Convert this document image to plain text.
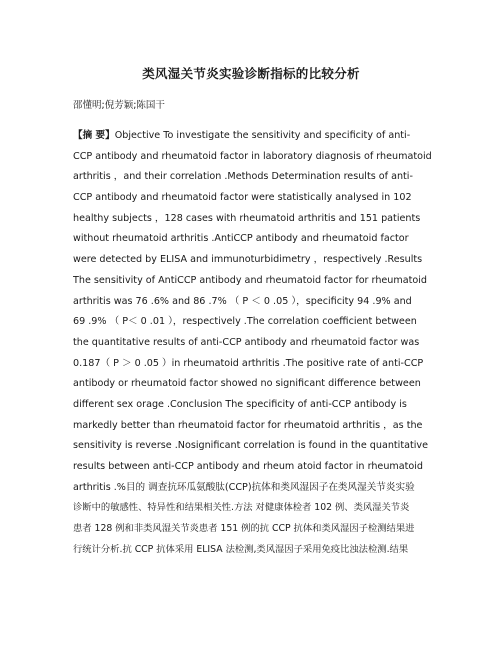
类风湿关节炎实验诊断指标的比较分析
邵懂明;倪芳颖;陈国干
【摘 要】Objective To investigate the sensitivity and specificity of anti-
CCP antibody and rheumatoid factor in laboratory diagnosis of rheumatoid
arthritis ，and their correlation .Methods Determination results of anti-
CCP antibody and rheumatoid factor were statistically analysed in 102
healthy subjects ，128 cases with rheumatoid arthritis and 151 patients
without rheumatoid arthritis .AntiCCP antibody and rheumatoid factor
were detected by ELISA and immunoturbidimetry ，respectively .Results
The sensitivity of AntiCCP antibody and rheumatoid factor for rheumatoid
arthritis was 76 .6% and 86 .7% （ P ＜ 0 .05 ），specificity 94 .9% and
69 .9% （ P＜ 0 .01 ），respectively .The correlation coefficient between
the quantitative results of anti-CCP antibody and rheumatoid factor was
0.187（ P ＞ 0 .05 ）in rheumatoid arthritis .The positive rate of anti-CCP
antibody or rheumatoid factor showed no significant difference between
different sex orage .Conclusion The specificity of anti-CCP antibody is
markedly better than rheumatoid factor for rheumatoid arthritis ，as the
sensitivity is reverse .Nosignificant correlation is found in the quantitative
results between anti-CCP antibody and rheum atoid factor in rheumatoid
arthritis .%目的 调查抗环瓜氨酸肽(CCP)抗体和类风湿因子在类风湿关节炎实验
诊断中的敏感性、特异性和结果相关性.方法 对健康体检者 102 例、类风湿关节炎
患者 128 例和非类风湿关节炎患者 151 例的抗 CCP 抗体和类风湿因子检测结果进
行统计分析.抗 CCP 抗体采用 ELISA 法检测,类风湿因子采用免疫比浊法检测.结果
